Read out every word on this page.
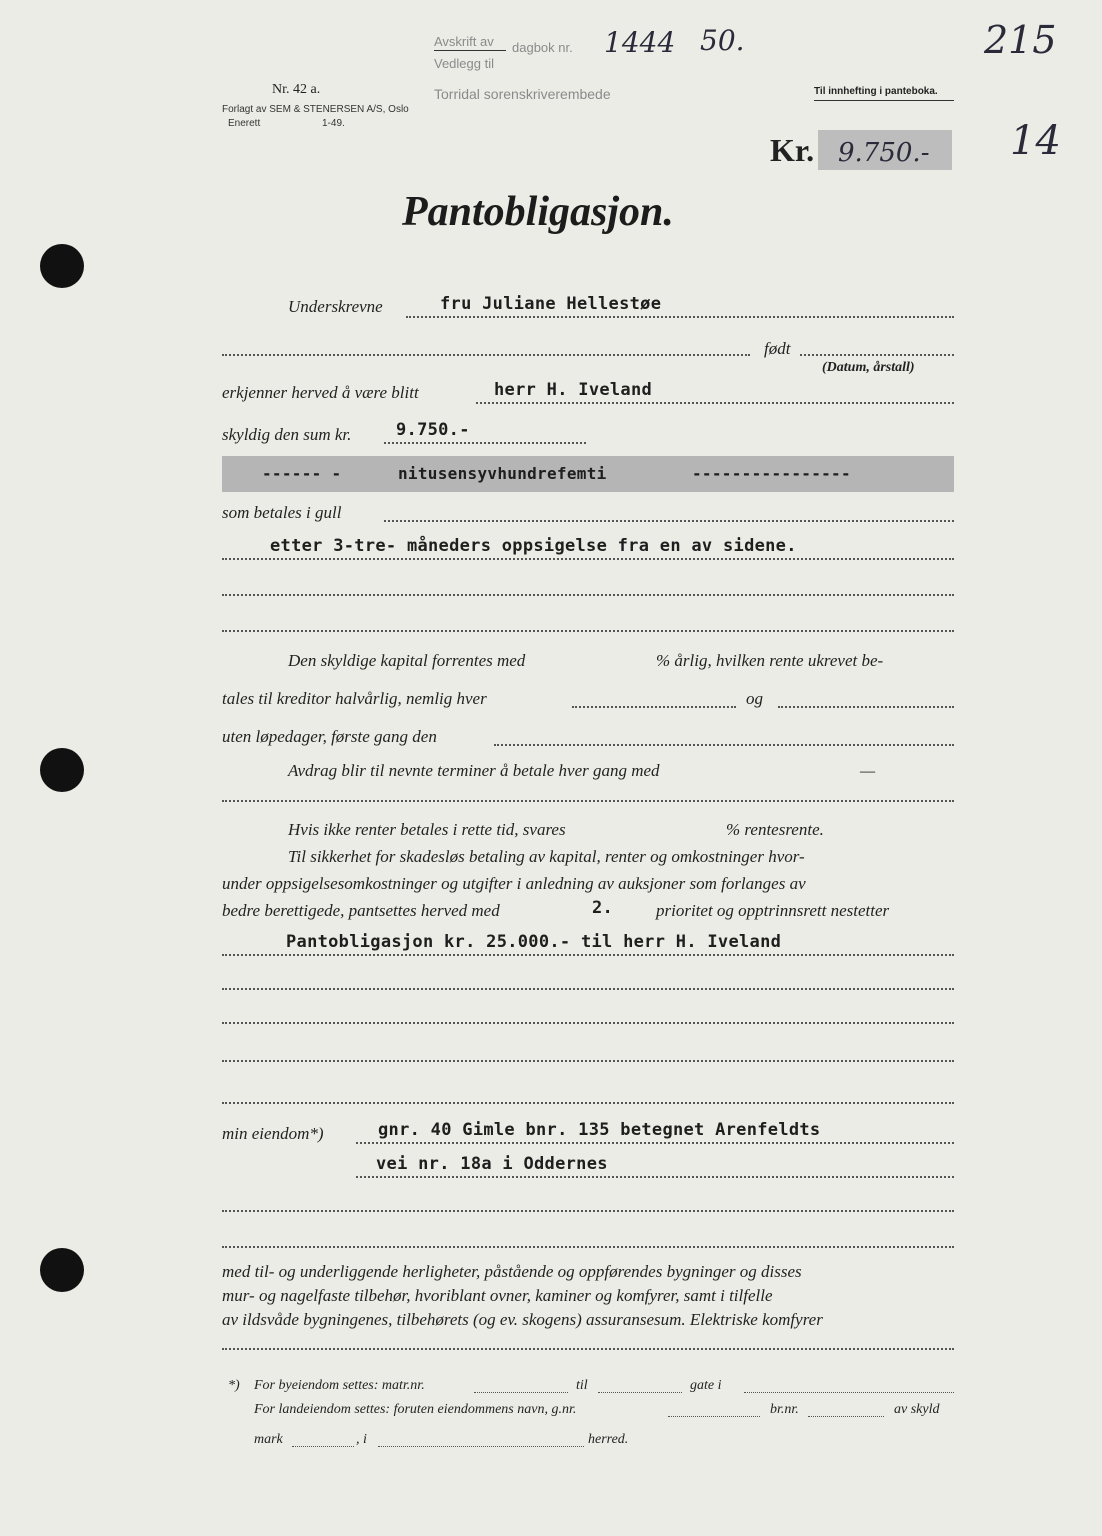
215
14
Nr. 42 a.
Forlagt av SEM & STENERSEN A/S, Oslo
Enerett	1-49.
Avskrift av
Vedlegg til
dagbok nr. 1444 50.
Torridal sorenskriverembede	Til innhefting i panteboka.
Kr. 9.750.-
Pantobligasjon.
Underskrevne	fru Juliane Hellestøe
født
(Datum, årstall)
erkjenner herved å være blitt	herr H. Iveland
skyldig den sum kr.	9.750.-
------ -	nitusensyvhundrefemti	----------------
som betales i gull
etter 3-tre- måneders oppsigelse fra en av sidene.
Den skyldige kapital forrentes med	% årlig, hvilken rente ukrevet be-
tales til kreditor halvårlig, nemlig hver	og
uten løpedager, første gang den
Avdrag blir til nevnte terminer å betale hver gang med	—
Hvis ikke renter betales i rette tid, svares	% rentesrente.
Til sikkerhet for skadesløs betaling av kapital, renter og omkostninger hvor-
under oppsigelsesomkostninger og utgifter i anledning av auksjoner som forlanges av
bedre berettigede, pantsettes herved med	2.	prioritet og opptrinnsrett nestetter
Pantobligasjon kr. 25.000.- til herr H. Iveland
min eiendom*)	gnr. 40 Gimle bnr. 135 betegnet Arenfeldts
vei nr. 18a i Oddernes
med til- og underliggende herligheter, påstående og oppførendes bygninger og disses
mur- og nagelfaste tilbehør, hvoriblant ovner, kaminer og komfyrer, samt i tilfelle
av ildsvåde bygningenes, tilbehørets (og ev. skogens) assuransesum. Elektriske komfyrer
*) For byeiendom settes: matr.nr.	til	gate i
For landeiendom settes: foruten eiendommens navn, g.nr.	br.nr.	av skyld
mark	, i	herred.
